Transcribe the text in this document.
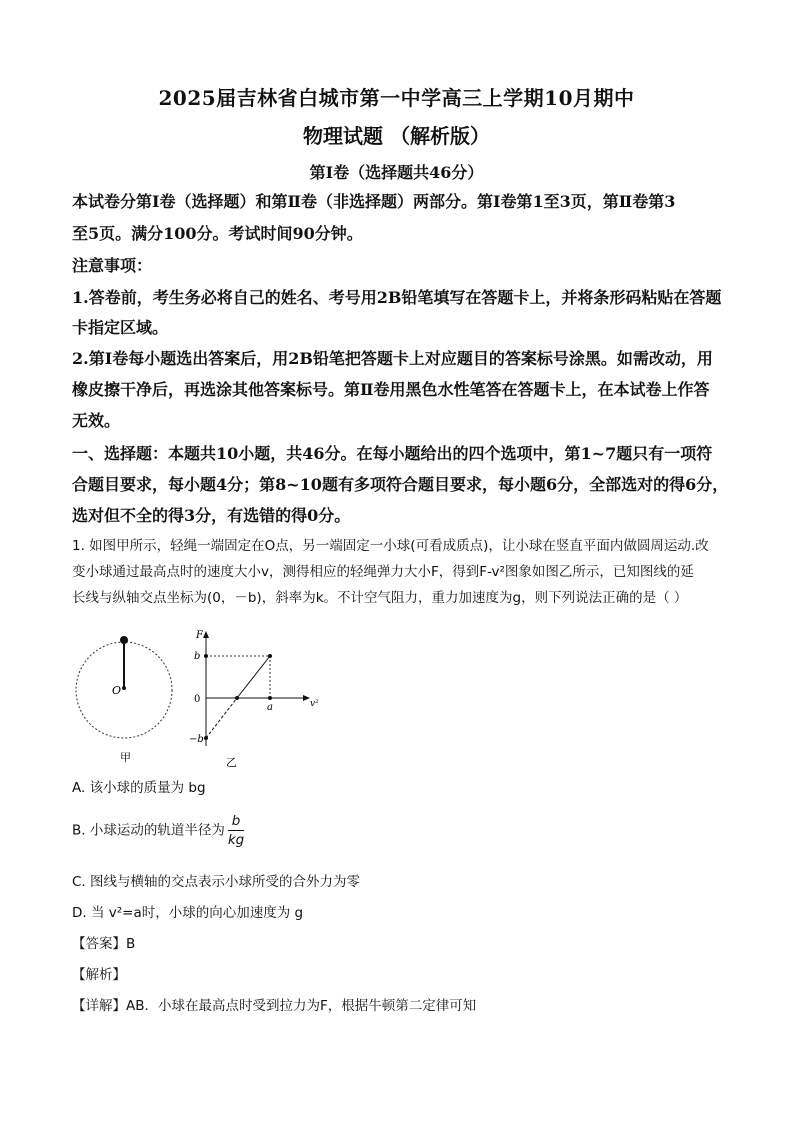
2025届吉林省白城市第一中学高三上学期10月期中
物理试题 （解析版）
第Ⅰ卷（选择题共46分）
本试卷分第Ⅰ卷（选择题）和第Ⅱ卷（非选择题）两部分。第Ⅰ卷第1至3页，第Ⅱ卷第3
至5页。满分100分。考试时间90分钟。
注意事项：
1.答卷前，考生务必将自己的姓名、考号用2B铅笔填写在答题卡上，并将条形码粘贴在答题
卡指定区域。
2.第Ⅰ卷每小题选出答案后，用2B铅笔把答题卡上对应题目的答案标号涂黑。如需改动，用
橡皮擦干净后，再选涂其他答案标号。第Ⅱ卷用黑色水性笔答在答题卡上，在本试卷上作答
无效。
一、选择题：本题共10小题，共46分。在每小题给出的四个选项中，第1~7题只有一项符
合题目要求，每小题4分；第8~10题有多项符合题目要求，每小题6分，全部选对的得6分，
选对但不全的得3分，有选错的得0分。
1. 如图甲所示，轻绳一端固定在O点，另一端固定一小球(可看成质点)，让小球在竖直平面内做圆周运动.改
变小球通过最高点时的速度大小v，测得相应的轻绳弹力大小F，得到F-v²图象如图乙所示，已知图线的延
长线与纵轴交点坐标为(0，－b)，斜率为k。不计空气阻力，重力加速度为g，则下列说法正确的是（ ）
O
甲
F
v²
b
0
−b
a
乙
A. 该小球的质量为 bg
B. 小球运动的轨道半径为 $\frac{b}{kg}$
C. 图线与横轴的交点表示小球所受的合外力为零
D. 当 v²=a时，小球的向心加速度为 g
【答案】B
【解析】
【详解】AB．小球在最高点时受到拉力为F，根据牛顿第二定律可知
